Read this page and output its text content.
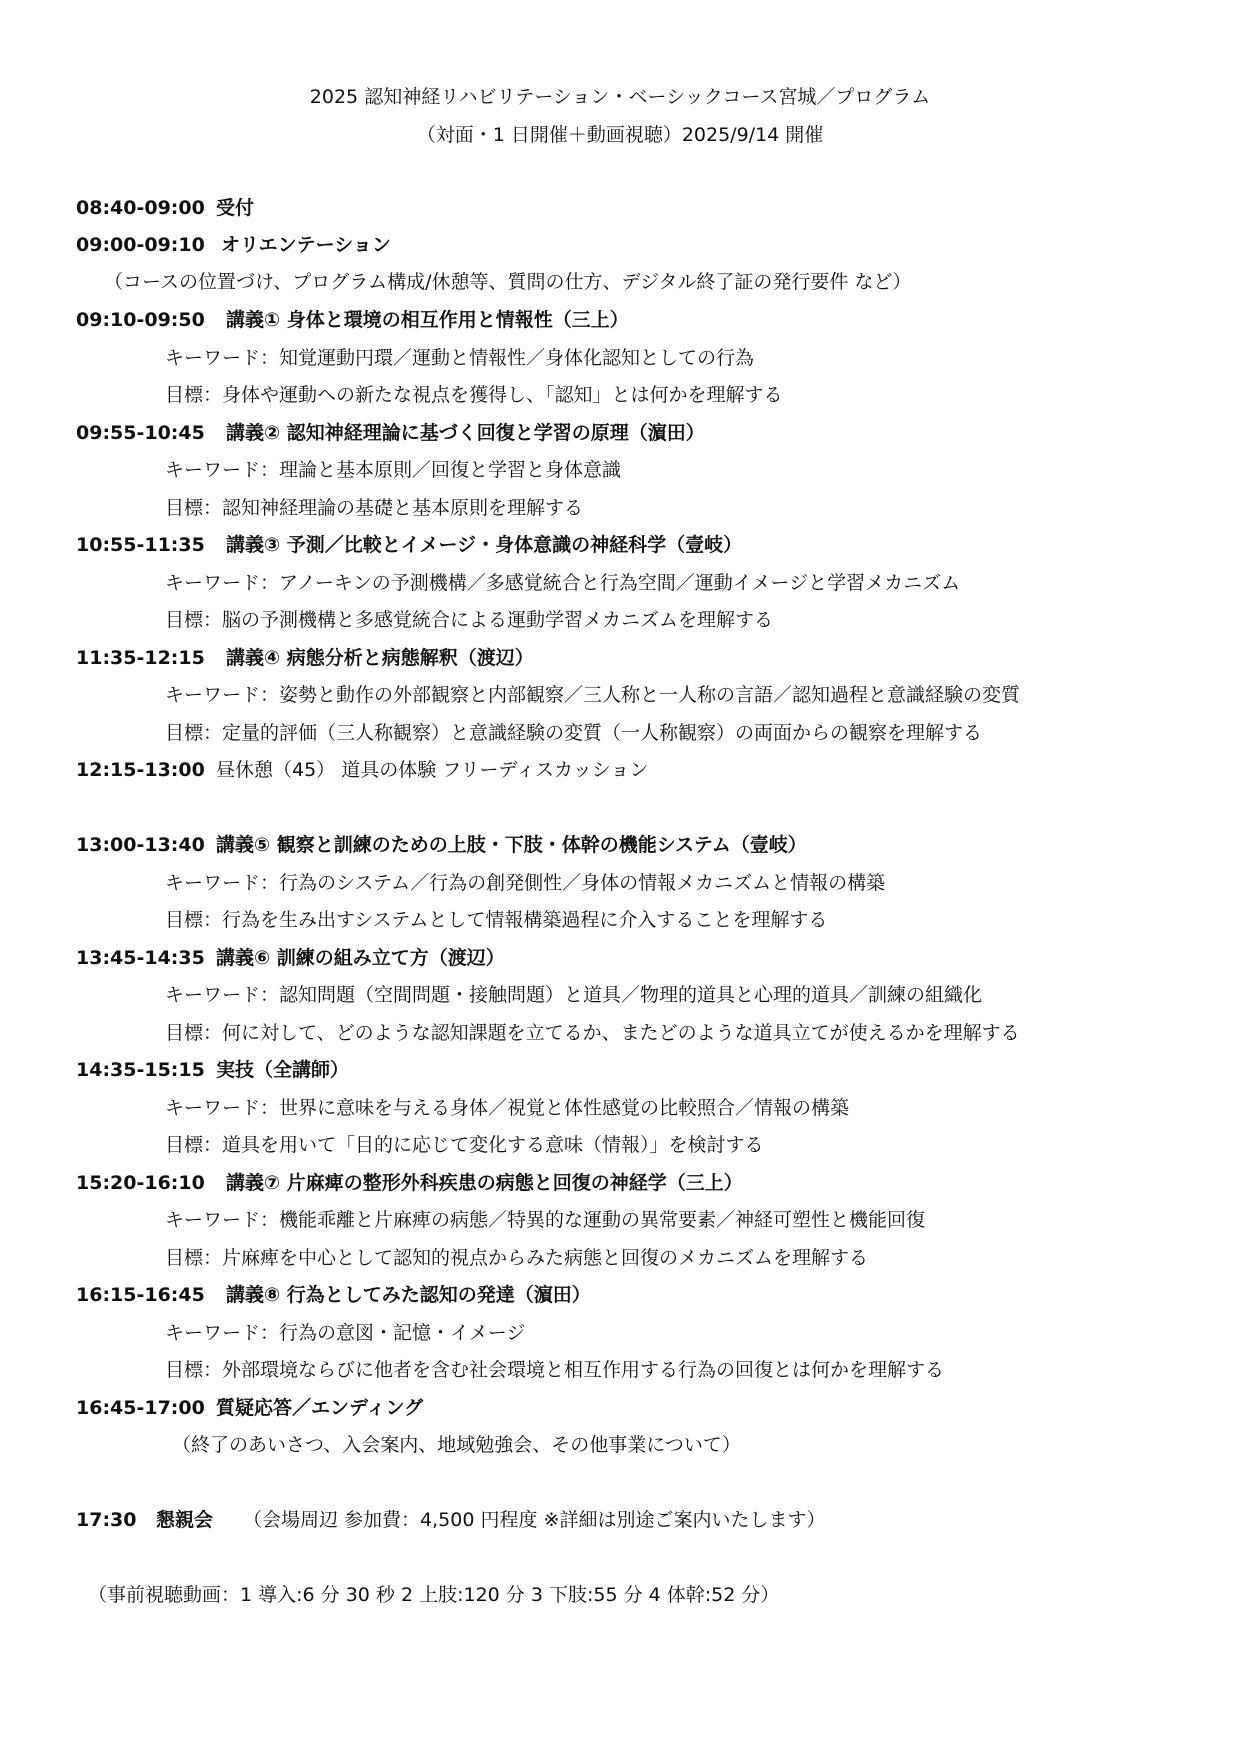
2025 認知神経リハビリテーション・ベーシックコース宮城／プログラム
（対面・1 日開催＋動画視聴）2025/9/14 開催
08:40-09:00 受付
09:00-09:10 オリエンテーション
（コースの位置づけ、プログラム構成/休憩等、質問の仕方、デジタル終了証の発行要件 など）
09:10-09:50 講義① 身体と環境の相互作用と情報性（三上）
キーワード：知覚運動円環／運動と情報性／身体化認知としての行為
目標：身体や運動への新たな視点を獲得し、「認知」とは何かを理解する
09:55-10:45 講義② 認知神経理論に基づく回復と学習の原理（濵田）
キーワード：理論と基本原則／回復と学習と身体意識
目標：認知神経理論の基礎と基本原則を理解する
10:55-11:35 講義③ 予測／比較とイメージ・身体意識の神経科学（壹岐）
キーワード：アノーキンの予測機構／多感覚統合と行為空間／運動イメージと学習メカニズム
目標：脳の予測機構と多感覚統合による運動学習メカニズムを理解する
11:35-12:15 講義④ 病態分析と病態解釈（渡辺）
キーワード：姿勢と動作の外部観察と内部観察／三人称と一人称の言語／認知過程と意識経験の変質
目標：定量的評価（三人称観察）と意識経験の変質（一人称観察）の両面からの観察を理解する
12:15-13:00 昼休憩（45） 道具の体験 フリーディスカッション
13:00-13:40 講義⑤ 観察と訓練のための上肢・下肢・体幹の機能システム（壹岐）
キーワード：行為のシステム／行為の創発側性／身体の情報メカニズムと情報の構築
目標：行為を生み出すシステムとして情報構築過程に介入することを理解する
13:45-14:35 講義⑥ 訓練の組み立て方（渡辺）
キーワード：認知問題（空間問題・接触問題）と道具／物理的道具と心理的道具／訓練の組織化
目標：何に対して、どのような認知課題を立てるか、またどのような道具立てが使えるかを理解する
14:35-15:15 実技（全講師）
キーワード：世界に意味を与える身体／視覚と体性感覚の比較照合／情報の構築
目標：道具を用いて「目的に応じて変化する意味（情報）」を検討する
15:20-16:10 講義⑦ 片麻痺の整形外科疾患の病態と回復の神経学（三上）
キーワード：機能乖離と片麻痺の病態／特異的な運動の異常要素／神経可塑性と機能回復
目標：片麻痺を中心として認知的視点からみた病態と回復のメカニズムを理解する
16:15-16:45 講義⑧ 行為としてみた認知の発達（濵田）
キーワード：行為の意図・記憶・イメージ
目標：外部環境ならびに他者を含む社会環境と相互作用する行為の回復とは何かを理解する
16:45-17:00 質疑応答／エンディング
（終了のあいさつ、入会案内、地域勉強会、その他事業について）
17:30 懇親会 （会場周辺 参加費：4,500 円程度 ※詳細は別途ご案内いたします）
（事前視聴動画：1 導入:6 分 30 秒 2 上肢:120 分 3 下肢:55 分 4 体幹:52 分）
